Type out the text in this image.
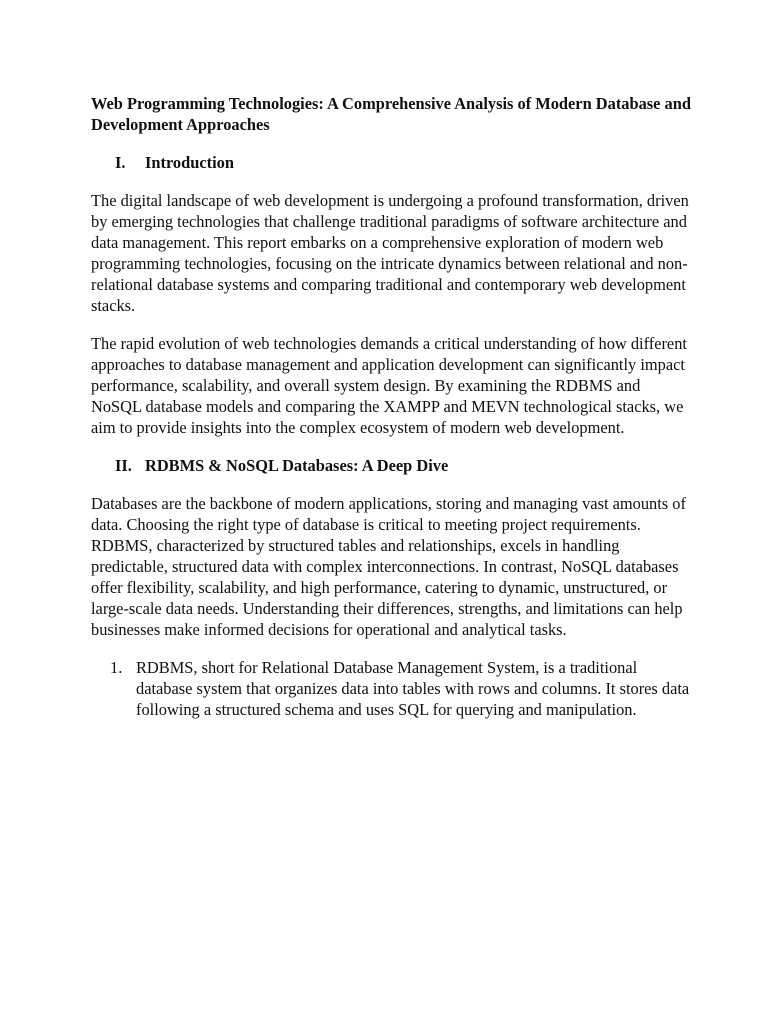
Web Programming Technologies: A Comprehensive Analysis of Modern Database and Development Approaches
I.	Introduction

The digital landscape of web development is undergoing a profound transformation, driven by emerging technologies that challenge traditional paradigms of software architecture and data management. This report embarks on a comprehensive exploration of modern web programming technologies, focusing on the intricate dynamics between relational and non-relational database systems and comparing traditional and contemporary web development stacks.

The rapid evolution of web technologies demands a critical understanding of how different approaches to database management and application development can significantly impact performance, scalability, and overall system design. By examining the RDBMS and NoSQL database models and comparing the XAMPP and MEVN technological stacks, we aim to provide insights into the complex ecosystem of modern web development.

II. RDBMS & NoSQL Databases: A Deep Dive

Databases are the backbone of modern applications, storing and managing vast amounts of data. Choosing the right type of database is critical to meeting project requirements. RDBMS, characterized by structured tables and relationships, excels in handling predictable, structured data with complex interconnections. In contrast, NoSQL databases offer flexibility, scalability, and high performance, catering to dynamic, unstructured, or large-scale data needs. Understanding their differences, strengths, and limitations can help businesses make informed decisions for operational and analytical tasks.

1. RDBMS, short for Relational Database Management System, is a traditional database system that organizes data into tables with rows and columns. It stores data following a structured schema and uses SQL for querying and manipulation.
